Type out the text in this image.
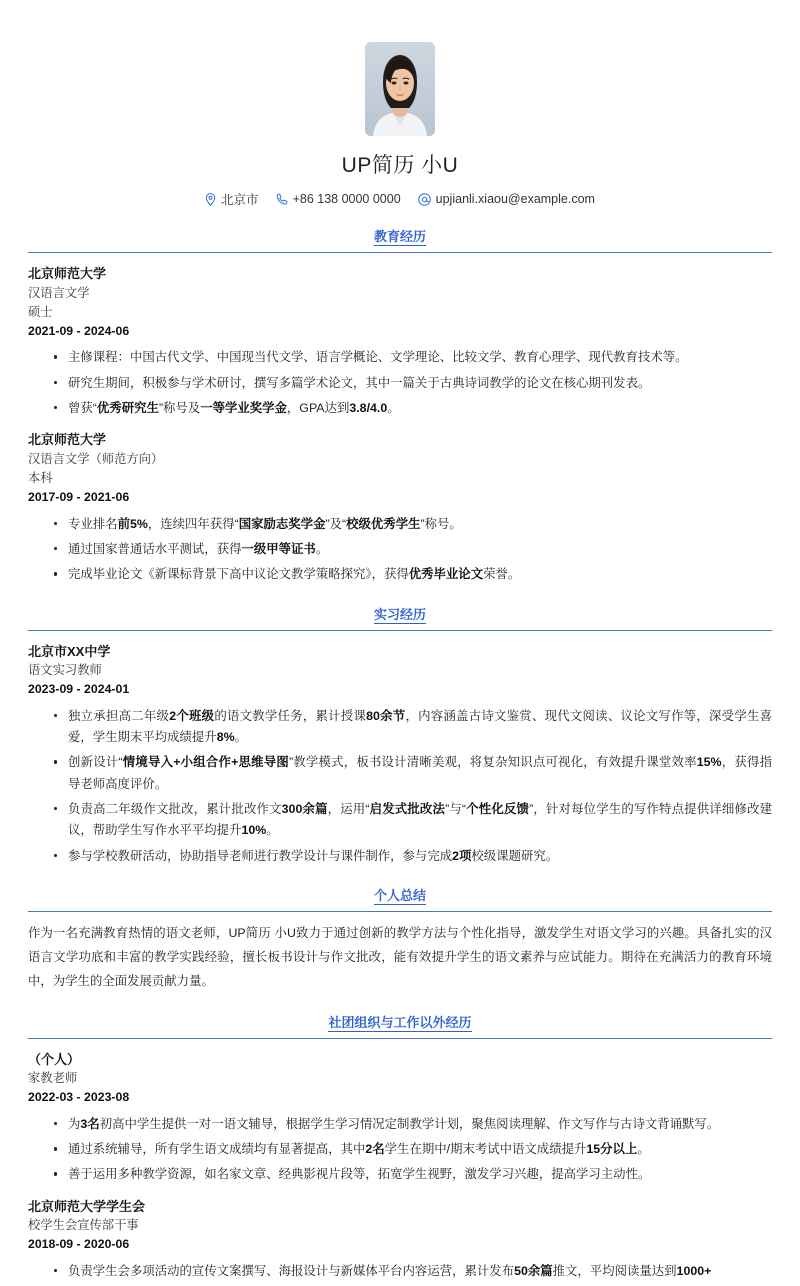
UP简历 小U
北京市	+86 138 0000 0000	upjianli.xiaou@example.com
教育经历
北京师范大学
汉语言文学
硕士
2021-09 - 2024-06
主修课程：中国古代文学、中国现当代文学、语言学概论、文学理论、比较文学、教育心理学、现代教育技术等。
研究生期间，积极参与学术研讨，撰写多篇学术论文，其中一篇关于古典诗词教学的论文在核心期刊发表。
曾获“优秀研究生”称号及一等学业奖学金，GPA达到3.8/4.0。
北京师范大学
汉语言文学（师范方向）
本科
2017-09 - 2021-06
专业排名前5%，连续四年获得“国家励志奖学金”及“校级优秀学生”称号。
通过国家普通话水平测试，获得一级甲等证书。
完成毕业论文《新课标背景下高中议论文教学策略探究》，获得优秀毕业论文荣誉。
实习经历
北京市XX中学
语文实习教师
2023-09 - 2024-01
独立承担高二年级2个班级的语文教学任务，累计授课80余节，内容涵盖古诗文鉴赏、现代文阅读、议论文写作等，深受学生喜爱，学生期末平均成绩提升8%。
创新设计“情境导入+小组合作+思维导图”教学模式，板书设计清晰美观，将复杂知识点可视化，有效提升课堂效率15%，获得指导老师高度评价。
负责高二年级作文批改，累计批改作文300余篇，运用“启发式批改法”与“个性化反馈”，针对每位学生的写作特点提供详细修改建议，帮助学生写作水平平均提升10%。
参与学校教研活动，协助指导老师进行教学设计与课件制作，参与完成2项校级课题研究。
个人总结
作为一名充满教育热情的语文老师，UP简历 小U致力于通过创新的教学方法与个性化指导，激发学生对语文学习的兴趣。具备扎实的汉语言文学功底和丰富的教学实践经验，擅长板书设计与作文批改，能有效提升学生的语文素养与应试能力。期待在充满活力的教育环境中，为学生的全面发展贡献力量。
社团组织与工作以外经历
（个人）
家教老师
2022-03 - 2023-08
为3名初高中学生提供一对一语文辅导，根据学生学习情况定制教学计划，聚焦阅读理解、作文写作与古诗文背诵默写。
通过系统辅导，所有学生语文成绩均有显著提高，其中2名学生在期中/期末考试中语文成绩提升15分以上。
善于运用多种教学资源，如名家文章、经典影视片段等，拓宽学生视野，激发学习兴趣，提高学习主动性。
北京师范大学学生会
校学生会宣传部干事
2018-09 - 2020-06
负责学生会多项活动的宣传文案撰写、海报设计与新媒体平台内容运营，累计发布50余篇推文，平均阅读量达到1000+
